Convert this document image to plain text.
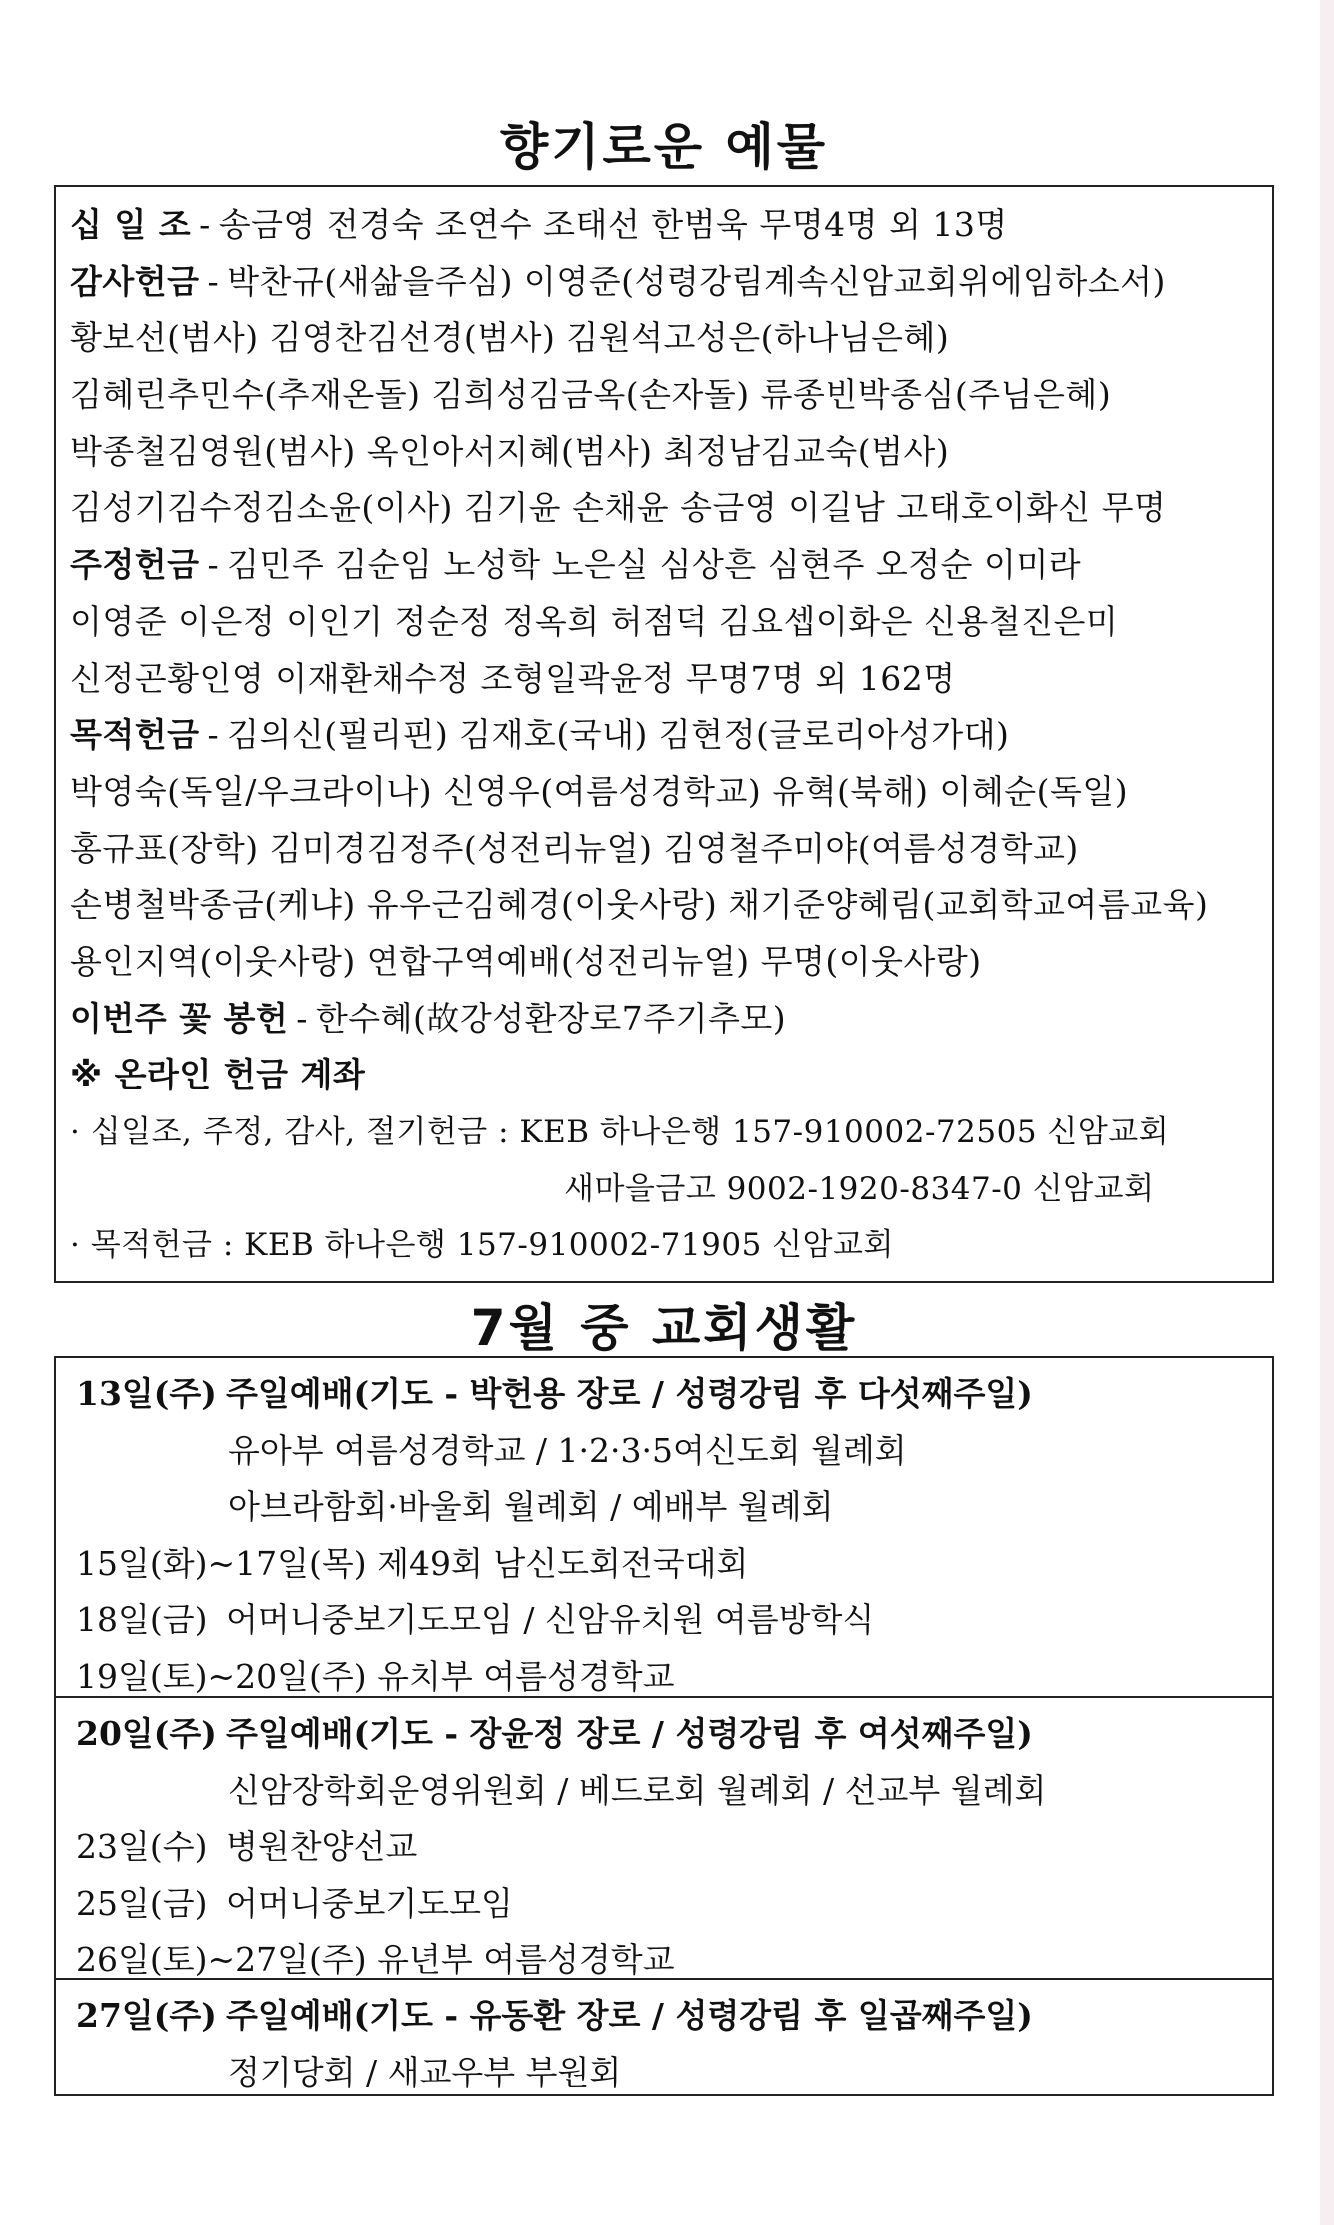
향기로운 예물
십 일 조 - 송금영 전경숙 조연수 조태선 한범욱 무명4명 외 13명
감사헌금 - 박찬규(새삶을주심) 이영준(성령강림계속신암교회위에임하소서)
황보선(범사) 김영찬김선경(범사) 김원석고성은(하나님은혜)
김혜린추민수(추재온돌) 김희성김금옥(손자돌) 류종빈박종심(주님은혜)
박종철김영원(범사) 옥인아서지혜(범사) 최정남김교숙(범사)
김성기김수정김소윤(이사) 김기윤 손채윤 송금영 이길남 고태호이화신 무명
주정헌금 - 김민주 김순임 노성학 노은실 심상흔 심현주 오정순 이미라
이영준 이은정 이인기 정순정 정옥희 허점덕 김요셉이화은 신용철진은미
신정곤황인영 이재환채수정 조형일곽윤정 무명7명 외 162명
목적헌금 - 김의신(필리핀) 김재호(국내) 김현정(글로리아성가대)
박영숙(독일/우크라이나) 신영우(여름성경학교) 유혁(북해) 이혜순(독일)
홍규표(장학) 김미경김정주(성전리뉴얼) 김영철주미야(여름성경학교)
손병철박종금(케냐) 유우근김혜경(이웃사랑) 채기준양혜림(교회학교여름교육)
용인지역(이웃사랑) 연합구역예배(성전리뉴얼) 무명(이웃사랑)
이번주 꽃 봉헌 - 한수혜(故강성환장로7주기추모)
※ 온라인 헌금 계좌
· 십일조, 주정, 감사, 절기헌금 : KEB 하나은행 157-910002-72505 신암교회
새마을금고 9002-1920-8347-0 신암교회
· 목적헌금 : KEB 하나은행 157-910002-71905 신암교회
7월 중 교회생활
13일(주) 주일예배(기도 - 박헌용 장로 / 성령강림 후 다섯째주일)
유아부 여름성경학교 / 1·2·3·5여신도회 월례회
아브라함회·바울회 월례회 / 예배부 월례회
15일(화)~17일(목) 제49회 남신도회전국대회
18일(금) 어머니중보기도모임 / 신암유치원 여름방학식
19일(토)~20일(주) 유치부 여름성경학교
20일(주) 주일예배(기도 - 장윤정 장로 / 성령강림 후 여섯째주일)
신암장학회운영위원회 / 베드로회 월례회 / 선교부 월례회
23일(수) 병원찬양선교
25일(금) 어머니중보기도모임
26일(토)~27일(주) 유년부 여름성경학교
27일(주) 주일예배(기도 - 유동환 장로 / 성령강림 후 일곱째주일)
정기당회 / 새교우부 부원회
